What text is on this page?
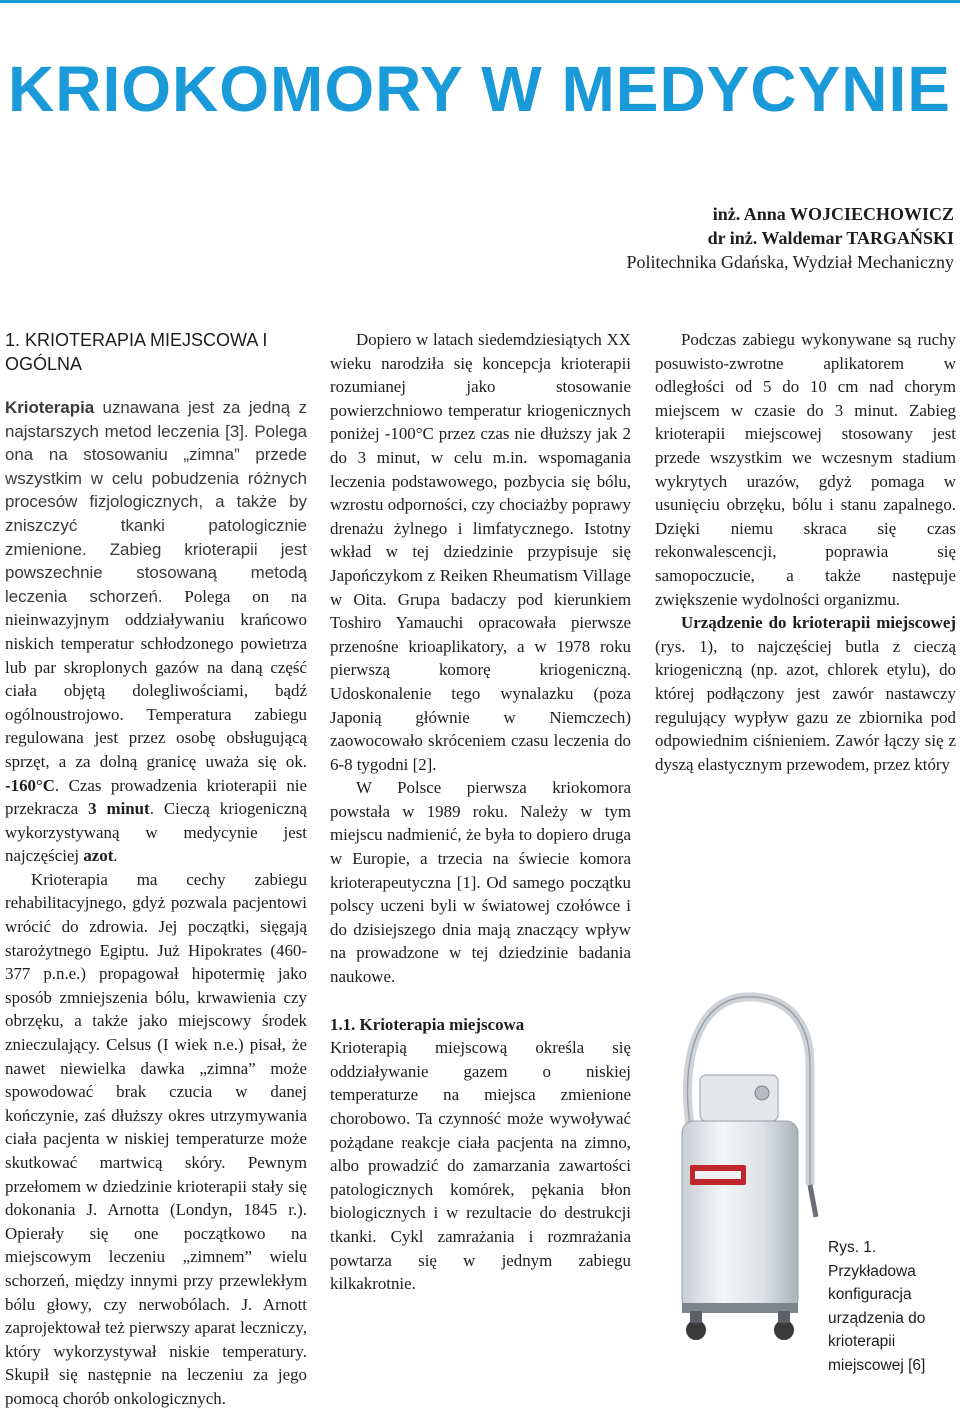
KRIOKOMORY W MEDYCYNIE
inż. Anna WOJCIECHOWICZ
dr inż. Waldemar TARGAŃSKI
Politechnika Gdańska, Wydział Mechaniczny
1. KRIOTERAPIA MIEJSCOWA I OGÓLNA

Krioterapia uznawana jest za jedną z najstarszych metod leczenia [3]. Polega ona na stosowaniu „zimna” przede wszystkim w celu pobudzenia różnych procesów fizjologicznych, a także by zniszczyć tkanki patologicznie zmienione. Zabieg krioterapii jest powszechnie stosowaną metodą leczenia schorzeń. Polega on na nieinwazyjnym oddziaływaniu krańcowo niskich temperatur schłodzonego powietrza lub par skroplonych gazów na daną część ciała objętą dolegliwościami, bądź ogólnoustrojowo. Temperatura zabiegu regulowana jest przez osobę obsługującą sprzęt, a za dolną granicę uważa się ok. -160°C. Czas prowadzenia krioterapii nie przekracza 3 minut. Cieczą kriogeniczną wykorzystywaną w medycynie jest najczęściej azot.

Krioterapia ma cechy zabiegu rehabilitacyjnego, gdyż pozwala pacjentowi wrócić do zdrowia. Jej początki, sięgają starożytnego Egiptu. Już Hipokrates (460-377 p.n.e.) propagował hipotermię jako sposób zmniejszenia bólu, krwawienia czy obrzęku, a także jako miejscowy środek znieczulający. Celsus (I wiek n.e.) pisał, że nawet niewielka dawka „zimna” może spowodować brak czucia w danej kończynie, zaś dłuższy okres utrzymywania ciała pacjenta w niskiej temperaturze może skutkować martwicą skóry. Pewnym przełomem w dziedzinie krioterapii stały się dokonania J. Arnotta (Londyn, 1845 r.). Opierały się one początkowo na miejscowym leczeniu „zimnem” wielu schorzeń, między innymi przy przewlekłym bólu głowy, czy nerwobólach. J. Arnott zaprojektował też pierwszy aparat leczniczy, który wykorzystywał niskie temperatury. Skupił się następnie na leczeniu za jego pomocą chorób onkologicznych.

Dopiero w latach siedemdziesiątych XX wieku narodziła się koncepcja krioterapii rozumianej jako stosowanie powierzchniowo temperatur kriogenicznych poniżej -100°C przez czas nie dłuższy jak 2 do 3 minut, w celu m.in. wspomagania leczenia podstawowego, pozbycia się bólu, wzrostu odporności, czy chociażby poprawy drenażu żylnego i limfatycznego. Istotny wkład w tej dziedzinie przypisuje się Japończykom z Reiken Rheumatism Village w Oita. Grupa badaczy pod kierunkiem Toshiro Yamauchi opracowała pierwsze przenośne krioaplikatory, a w 1978 roku pierwszą komorę kriogeniczną. Udoskonalenie tego wynalazku (poza Japonią głównie w Niemczech) zaowocowało skróceniem czasu leczenia do 6-8 tygodni [2].

W Polsce pierwsza kriokomora powstała w 1989 roku. Należy w tym miejscu nadmienić, że była to dopiero druga w Europie, a trzecia na świecie komora krioterapeutyczna [1]. Od samego początku polscy uczeni byli w światowej czołówce i do dzisiejszego dnia mają znaczący wpływ na prowadzone w tej dziedzinie badania naukowe.

1.1. Krioterapia miejscowa

Krioterapią miejscową określa się oddziaływanie gazem o niskiej temperaturze na miejsca zmienione chorobowo. Ta czynność może wywoływać pożądane reakcje ciała pacjenta na zimno, albo prowadzić do zamarzania zawartości patologicznych komórek, pękania błon biologicznych i w rezultacie do destrukcji tkanki. Cykl zamrażania i rozmrażania powtarza się w jednym zabiegu kilkakrotnie.

Podczas zabiegu wykonywane są ruchy posuwisto-zwrotne aplikatorem w odległości od 5 do 10 cm nad chorym miejscem w czasie do 3 minut. Zabieg krioterapii miejscowej stosowany jest przede wszystkim we wczesnym stadium wykrytych urazów, gdyż pomaga w usunięciu obrzęku, bólu i stanu zapalnego. Dzięki niemu skraca się czas rekonwalescencji, poprawia się samopoczucie, a także następuje zwiększenie wydolności organizmu.

Urządzenie do krioterapii miejscowej (rys. 1), to najczęściej butla z cieczą kriogeniczną (np. azot, chlorek etylu), do której podłączony jest zawór nastawczy regulujący wypływ gazu ze zbiornika pod odpowiednim ciśnieniem. Zawór łączy się z dyszą elastycznym przewodem, przez który

Rys. 1. Przykładowa konfiguracja urządzenia do krioterapii miejscowej [6]
